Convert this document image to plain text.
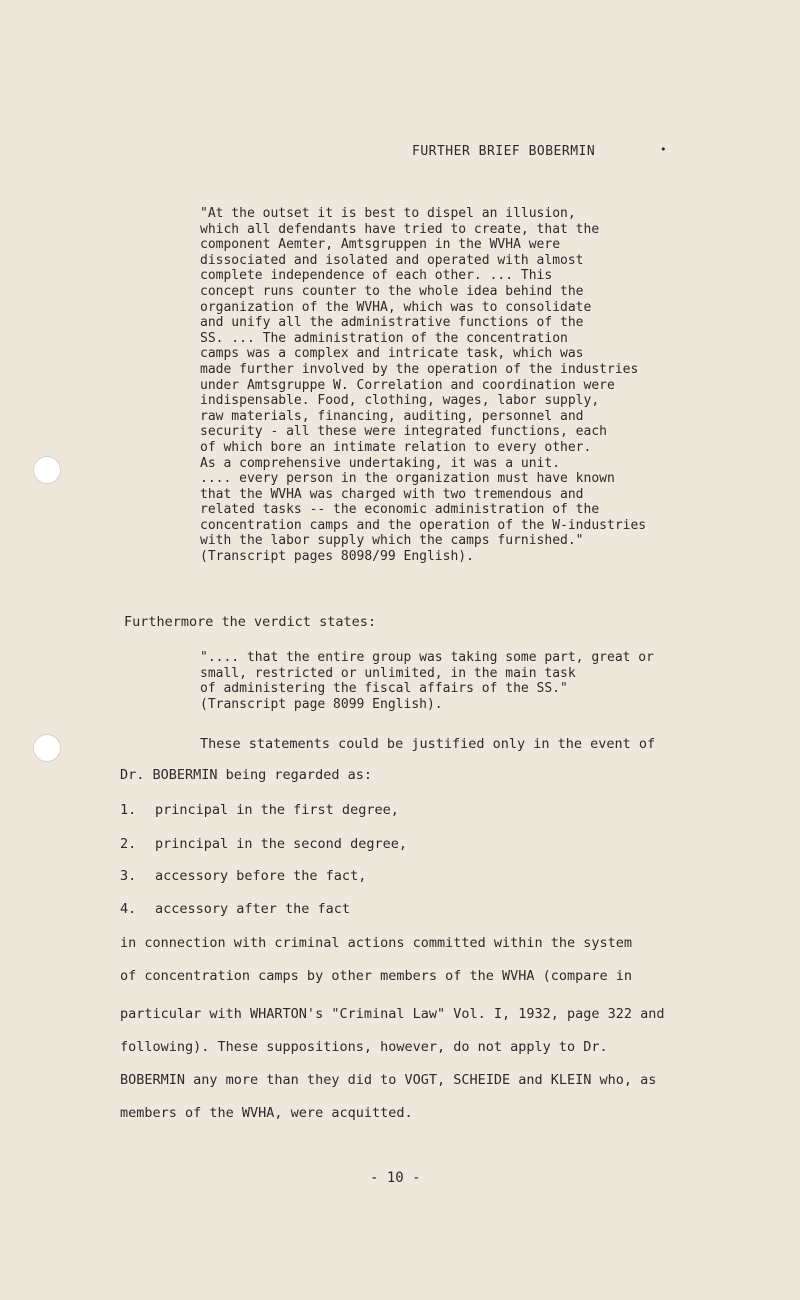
FURTHER BRIEF BOBERMIN	•
"At the outset it is best to dispel an illusion,
which all defendants have tried to create, that the
component Aemter, Amtsgruppen in the WVHA were
dissociated and isolated and operated with almost
complete independence of each other. ... This
concept runs counter to the whole idea behind the
organization of the WVHA, which was to consolidate
and unify all the administrative functions of the
SS. ... The administration of the concentration
camps was a complex and intricate task, which was
made further involved by the operation of the industries
under Amtsgruppe W. Correlation and coordination were
indispensable. Food, clothing, wages, labor supply,
raw materials, financing, auditing, personnel and
security - all these were integrated functions, each
of which bore an intimate relation to every other.
As a comprehensive undertaking, it was a unit.
.... every person in the organization must have known
that the WVHA was charged with two tremendous and
related tasks -- the economic administration of the
concentration camps and the operation of the W-industries
with the labor supply which the camps furnished."
(Transcript pages 8098/99 English).
Furthermore the verdict states:
".... that the entire group was taking some part, great or
small, restricted or unlimited, in the main task
of administering the fiscal affairs of the SS."
(Transcript page 8099 English).
These statements could be justified only in the event of
Dr. BOBERMIN being regarded as:
1. principal in the first degree,
2. principal in the second degree,
3. accessory before the fact,
4. accessory after the fact
in connection with criminal actions committed within the system
of concentration camps by other members of the WVHA (compare in
particular with WHARTON's "Criminal Law" Vol. I, 1932, page 322 and
following). These suppositions, however, do not apply to Dr.
BOBERMIN any more than they did to VOGT, SCHEIDE and KLEIN who, as
members of the WVHA, were acquitted.
- 10 -
